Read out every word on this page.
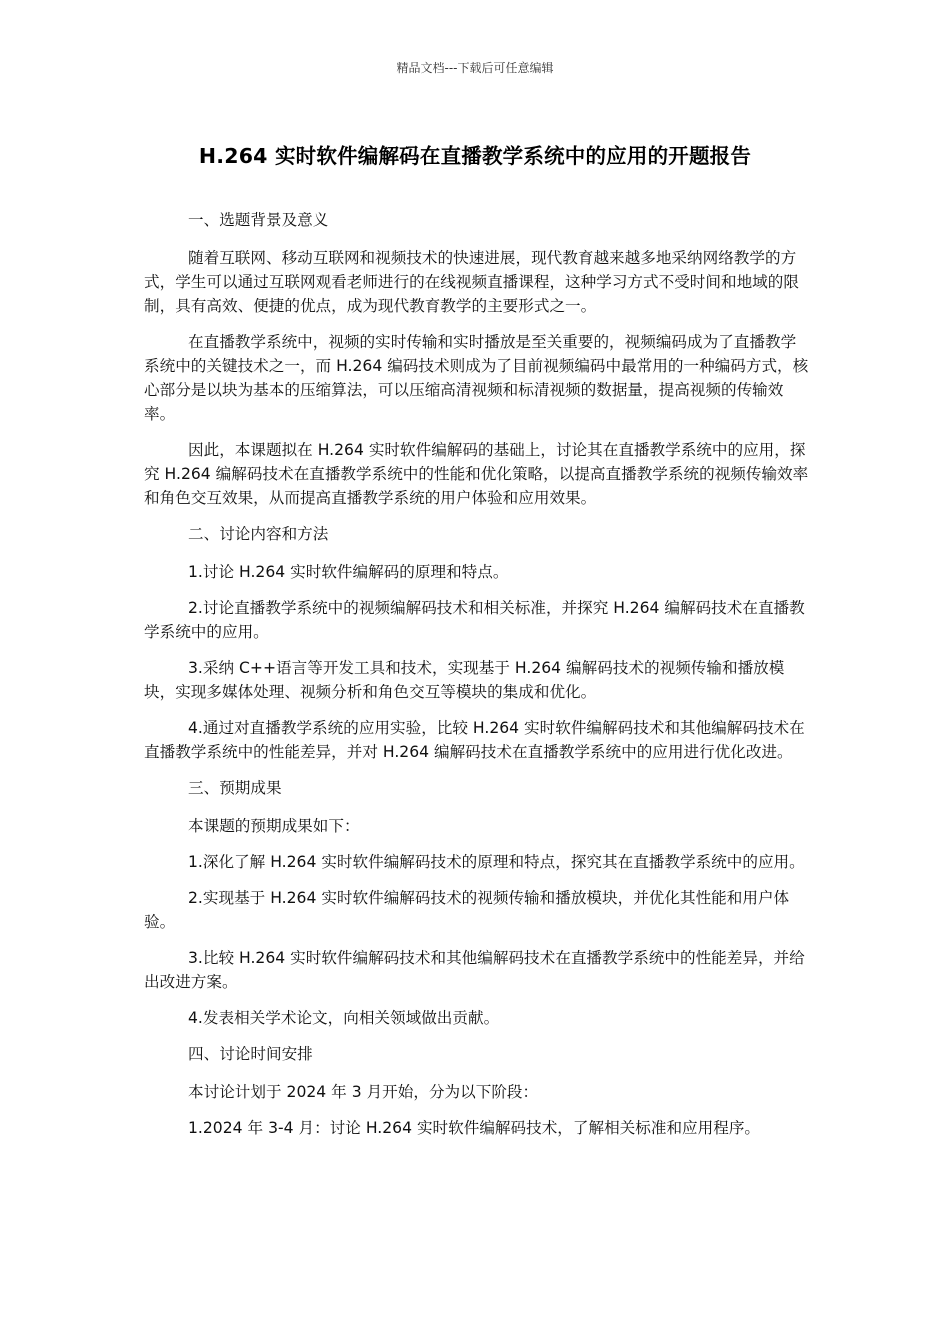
精品文档---下载后可任意编辑
H.264 实时软件编解码在直播教学系统中的应用的开题报告

一、选题背景及意义

随着互联网、移动互联网和视频技术的快速进展，现代教育越来越多地采纳网络教学的方式，学生可以通过互联网观看老师进行的在线视频直播课程，这种学习方式不受时间和地域的限制，具有高效、便捷的优点，成为现代教育教学的主要形式之一。

在直播教学系统中，视频的实时传输和实时播放是至关重要的，视频编码成为了直播教学系统中的关键技术之一，而 H.264 编码技术则成为了目前视频编码中最常用的一种编码方式，核心部分是以块为基本的压缩算法，可以压缩高清视频和标清视频的数据量，提高视频的传输效率。

因此，本课题拟在 H.264 实时软件编解码的基础上，讨论其在直播教学系统中的应用，探究 H.264 编解码技术在直播教学系统中的性能和优化策略，以提高直播教学系统的视频传输效率和角色交互效果，从而提高直播教学系统的用户体验和应用效果。

二、讨论内容和方法

1.讨论 H.264 实时软件编解码的原理和特点。

2.讨论直播教学系统中的视频编解码技术和相关标准，并探究 H.264 编解码技术在直播教学系统中的应用。

3.采纳 C++语言等开发工具和技术，实现基于 H.264 编解码技术的视频传输和播放模块，实现多媒体处理、视频分析和角色交互等模块的集成和优化。

4.通过对直播教学系统的应用实验，比较 H.264 实时软件编解码技术和其他编解码技术在直播教学系统中的性能差异，并对 H.264 编解码技术在直播教学系统中的应用进行优化改进。

三、预期成果

本课题的预期成果如下：

1.深化了解 H.264 实时软件编解码技术的原理和特点，探究其在直播教学系统中的应用。

2.实现基于 H.264 实时软件编解码技术的视频传输和播放模块，并优化其性能和用户体验。

3.比较 H.264 实时软件编解码技术和其他编解码技术在直播教学系统中的性能差异，并给出改进方案。

4.发表相关学术论文，向相关领域做出贡献。

四、讨论时间安排

本讨论计划于 2024 年 3 月开始，分为以下阶段：

1.2024 年 3-4 月：讨论 H.264 实时软件编解码技术，了解相关标准和应用程序。
